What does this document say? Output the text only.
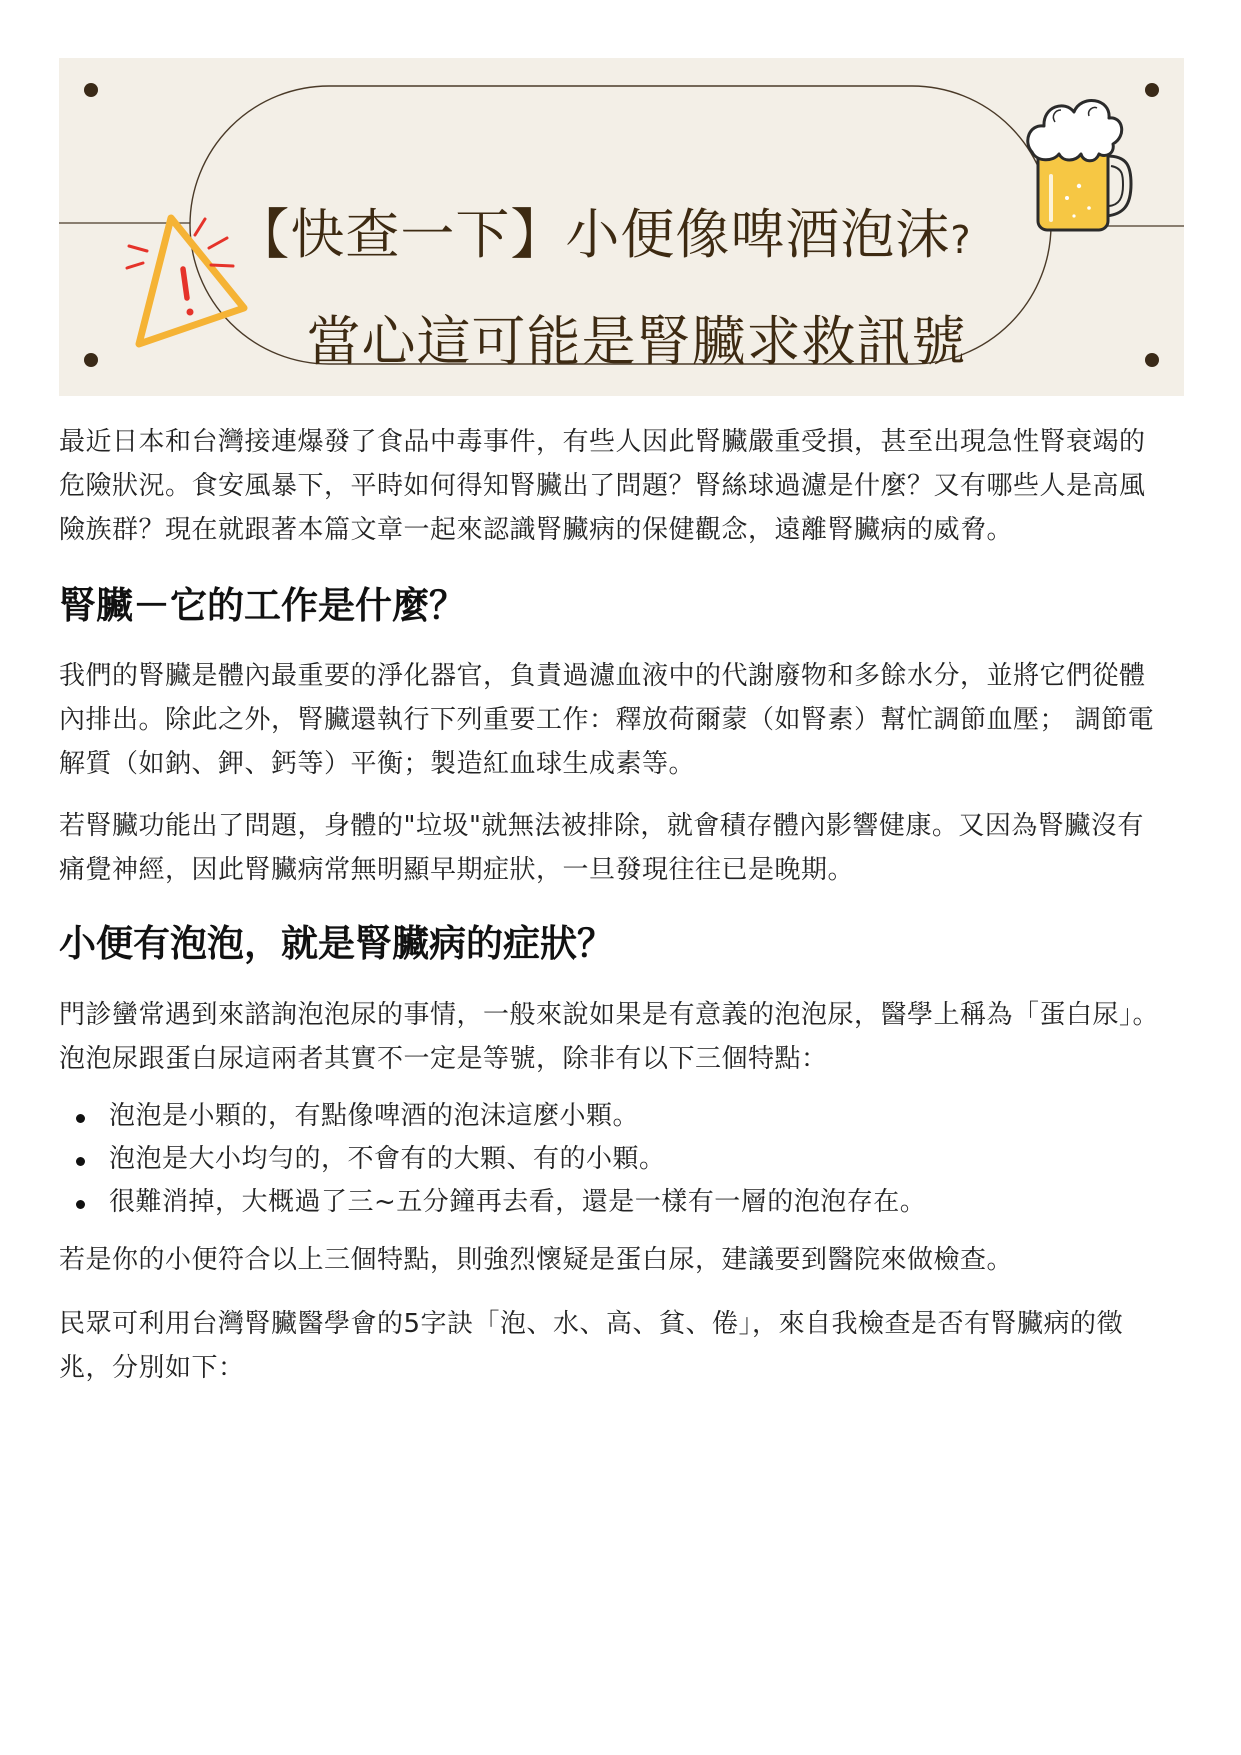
【快查一下】小便像啤酒泡沫?
當心這可能是腎臟求救訊號

最近日本和台灣接連爆發了食品中毒事件，有些人因此腎臟嚴重受損，甚至出現急性腎衰竭的危險狀況。食安風暴下，平時如何得知腎臟出了問題？腎絲球過濾是什麼？又有哪些人是高風險族群？現在就跟著本篇文章一起來認識腎臟病的保健觀念，遠離腎臟病的威脅。

腎臟－它的工作是什麼？

我們的腎臟是體內最重要的淨化器官，負責過濾血液中的代謝廢物和多餘水分，並將它們從體內排出。除此之外，腎臟還執行下列重要工作：釋放荷爾蒙（如腎素）幫忙調節血壓； 調節電解質（如鈉、鉀、鈣等）平衡；製造紅血球生成素等。

若腎臟功能出了問題，身體的"垃圾"就無法被排除，就會積存體內影響健康。又因為腎臟沒有痛覺神經，因此腎臟病常無明顯早期症狀，一旦發現往往已是晚期。

小便有泡泡，就是腎臟病的症狀？

門診蠻常遇到來諮詢泡泡尿的事情，一般來說如果是有意義的泡泡尿，醫學上稱為「蛋白尿」。泡泡尿跟蛋白尿這兩者其實不一定是等號，除非有以下三個特點：

泡泡是小顆的，有點像啤酒的泡沫這麼小顆。
泡泡是大小均勻的，不會有的大顆、有的小顆。
很難消掉，大概過了三~五分鐘再去看，還是一樣有一層的泡泡存在。

若是你的小便符合以上三個特點，則強烈懷疑是蛋白尿，建議要到醫院來做檢查。

民眾可利用台灣腎臟醫學會的5字訣「泡、水、高、貧、倦」，來自我檢查是否有腎臟病的徵兆，分別如下：
